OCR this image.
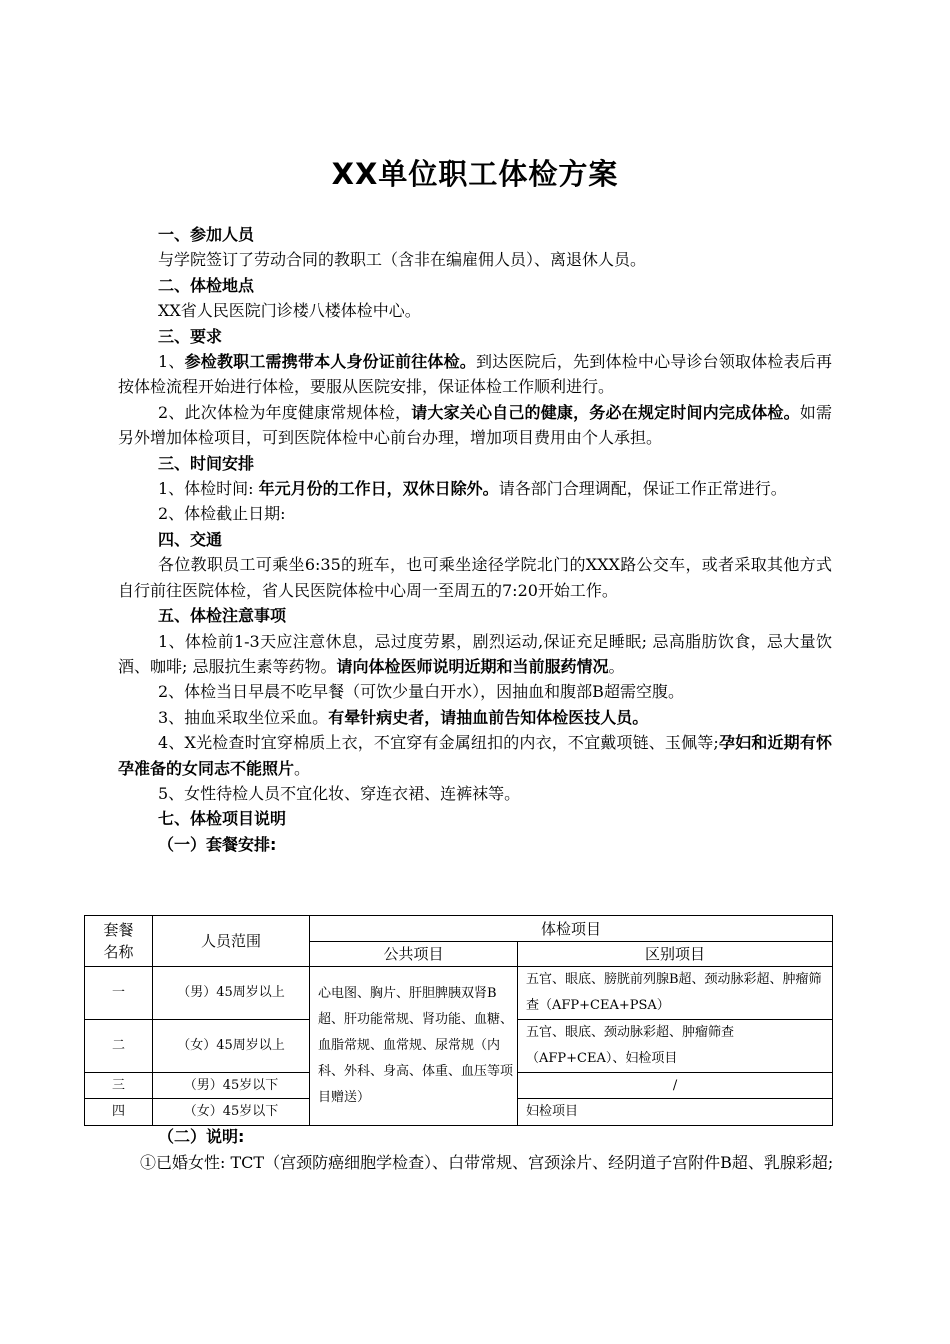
XX单位职工体检方案

一、参加人员

与学院签订了劳动合同的教职工（含非在编雇佣人员）、离退休人员。

二、体检地点

XX省人民医院门诊楼八楼体检中心。

三、要求

1、参检教职工需携带本人身份证前往体检。到达医院后，先到体检中心导诊台领取体检表后再按体检流程开始进行体检，要服从医院安排，保证体检工作顺利进行。

2、此次体检为年度健康常规体检，请大家关心自己的健康，务必在规定时间内完成体检。如需另外增加体检项目，可到医院体检中心前台办理，增加项目费用由个人承担。

三、时间安排

1、体检时间: 年元月份的工作日，双休日除外。请各部门合理调配，保证工作正常进行。

2、体检截止日期:

四、交通

各位教职员工可乘坐6:35的班车，也可乘坐途径学院北门的XXX路公交车，或者采取其他方式自行前往医院体检，省人民医院体检中心周一至周五的7:20开始工作。

五、体检注意事项

1、体检前1-3天应注意休息，忌过度劳累，剧烈运动,保证充足睡眠; 忌高脂肪饮食，忌大量饮酒、咖啡; 忌服抗生素等药物。请向体检医师说明近期和当前服药情况。

2、体检当日早晨不吃早餐（可饮少量白开水），因抽血和腹部B超需空腹。

3、抽血采取坐位采血。有晕针病史者，请抽血前告知体检医技人员。

4、X光检查时宜穿棉质上衣，不宜穿有金属纽扣的内衣，不宜戴项链、玉佩等;孕妇和近期有怀孕准备的女同志不能照片。

5、女性待检人员不宜化妆、穿连衣裙、连裤袜等。

七、体检项目说明

（一）套餐安排:

套餐
名称	人员范围	体检项目	
		公共项目	区别项目
一	（男）45周岁以上	心电图、胸片、肝胆脾胰双肾B超、肝功能常规、肾功能、血糖、血脂常规、血常规、尿常规（内科、外科、身高、体重、血压等项目赠送）	五官、眼底、膀胱前列腺B超、颈动脉彩超、肿瘤筛查（AFP+CEA+PSA）
二	（女）45周岁以上		五官、眼底、颈动脉彩超、肿瘤筛查（AFP+CEA）、妇检项目
三	（男）45岁以下		/
四	（女）45岁以下		妇检项目

（二）说明:

①已婚女性: TCT（宫颈防癌细胞学检查）、白带常规、宫颈涂片、经阴道子宫附件B超、乳腺彩超;
